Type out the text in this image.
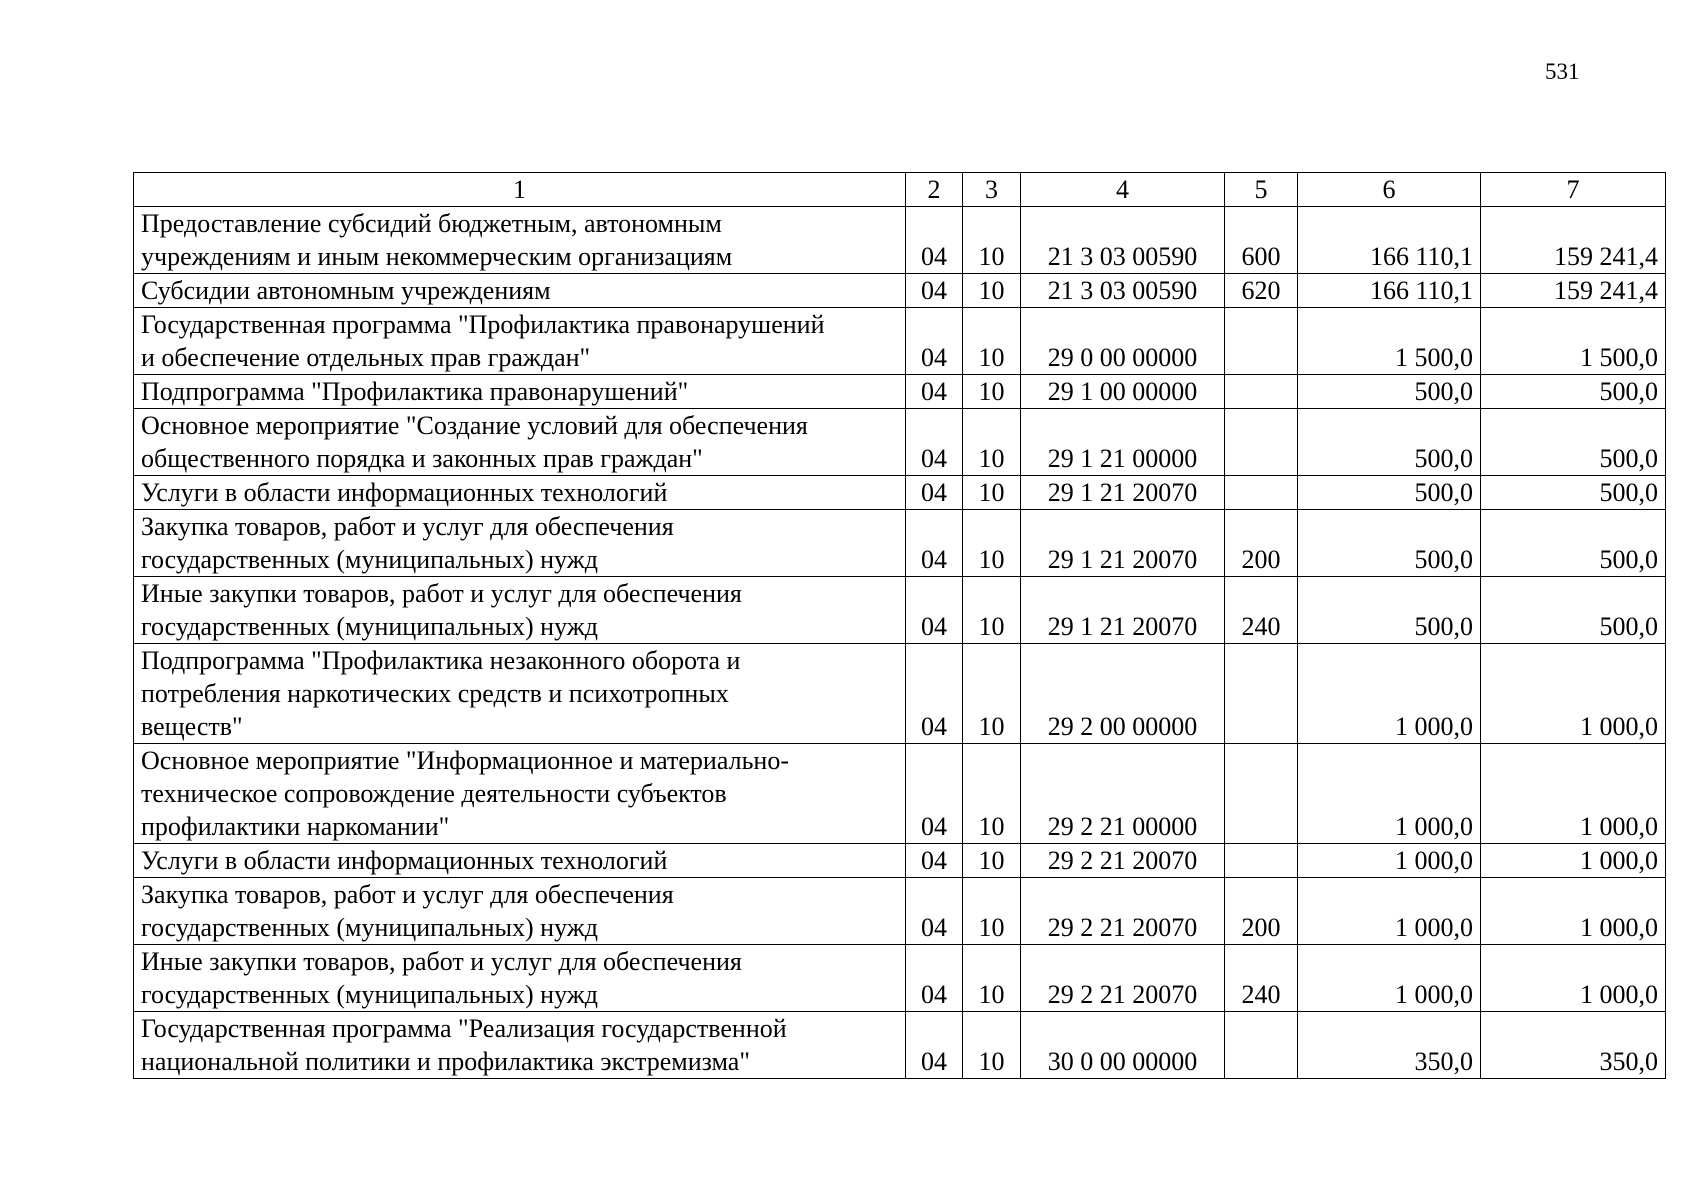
531
1	2	3	4	5	6	7
Предоставление субсидий бюджетным, автономным
учреждениям и иным некоммерческим организациям	04	10	21 3 03 00590	600	166 110,1	159 241,4
Субсидии автономным учреждениям	04	10	21 3 03 00590	620	166 110,1	159 241,4
Государственная программа "Профилактика правонарушений
и обеспечение отдельных прав граждан"	04	10	29 0 00 00000		1 500,0	1 500,0
Подпрограмма "Профилактика правонарушений"	04	10	29 1 00 00000		500,0	500,0
Основное мероприятие "Создание условий для обеспечения
общественного порядка и законных прав граждан"	04	10	29 1 21 00000		500,0	500,0
Услуги в области информационных технологий	04	10	29 1 21 20070		500,0	500,0
Закупка товаров, работ и услуг для обеспечения
государственных (муниципальных) нужд	04	10	29 1 21 20070	200	500,0	500,0
Иные закупки товаров, работ и услуг для обеспечения
государственных (муниципальных) нужд	04	10	29 1 21 20070	240	500,0	500,0
Подпрограмма "Профилактика незаконного оборота и
потребления наркотических средств и психотропных
веществ"	04	10	29 2 00 00000		1 000,0	1 000,0
Основное мероприятие "Информационное и материально-
техническое сопровождение деятельности субъектов
профилактики наркомании"	04	10	29 2 21 00000		1 000,0	1 000,0
Услуги в области информационных технологий	04	10	29 2 21 20070		1 000,0	1 000,0
Закупка товаров, работ и услуг для обеспечения
государственных (муниципальных) нужд	04	10	29 2 21 20070	200	1 000,0	1 000,0
Иные закупки товаров, работ и услуг для обеспечения
государственных (муниципальных) нужд	04	10	29 2 21 20070	240	1 000,0	1 000,0
Государственная программа "Реализация государственной
национальной политики и профилактика экстремизма"	04	10	30 0 00 00000		350,0	350,0
